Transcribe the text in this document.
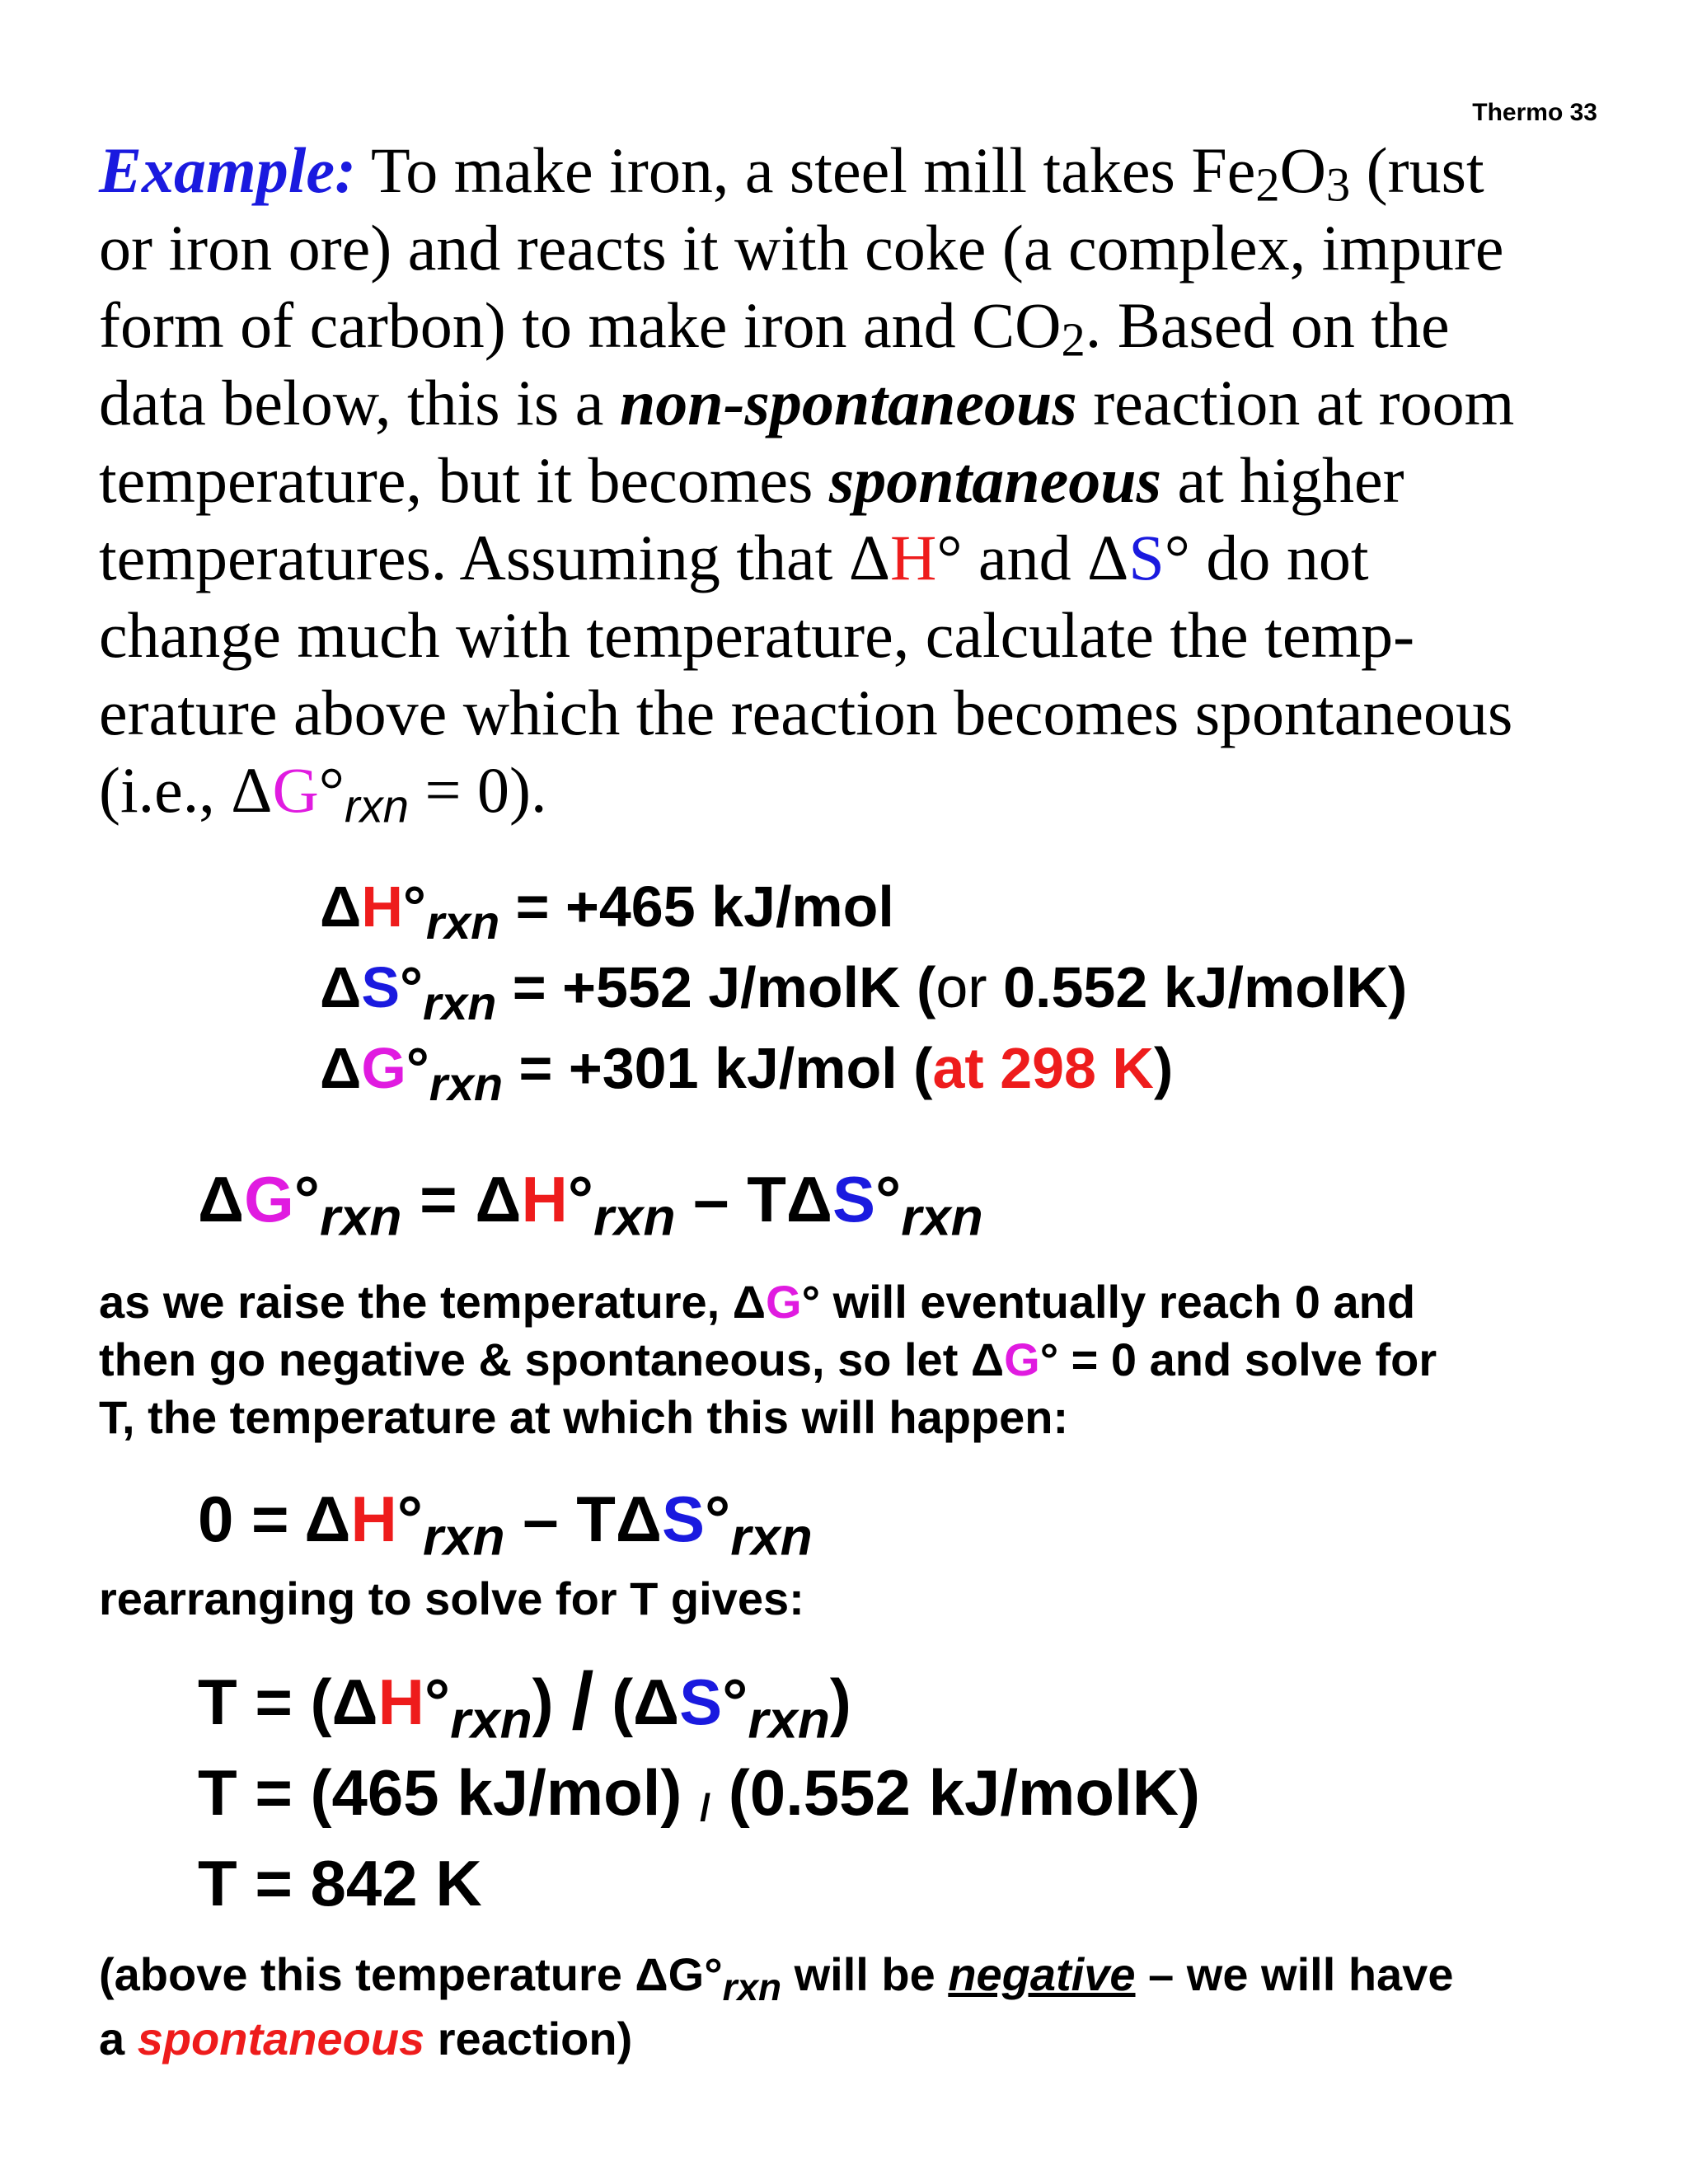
Thermo 33
Example: To make iron, a steel mill takes $Fe_2O_3$ (rust
or iron ore) and reacts it with coke (a complex, impure
form of carbon) to make iron and $CO_2$. Based on the
data below, this is a non-spontaneous reaction at room
temperature, but it becomes spontaneous at higher
temperatures. Assuming that ΔH° and ΔS° do not
change much with temperature, calculate the temp-
erature above which the reaction becomes spontaneous
(i.e., ΔG°rxn = 0).
$\Delta H^\circ_{rxn} = +465$ kJ/mol
$\Delta S^\circ_{rxn} = +552$ J/molK (or 0.552 kJ/molK)
$\Delta G^\circ_{rxn} = +301$ kJ/mol (at 298 K)
$\Delta G^\circ_{rxn} = \Delta H^\circ_{rxn} - T\Delta S^\circ_{rxn}$
as we raise the temperature, ΔG° will eventually reach 0 and
then go negative & spontaneous, so let ΔG° = 0 and solve for
T, the temperature at which this will happen:
$0 = \Delta H^\circ_{rxn} - T\Delta S^\circ_{rxn}$
rearranging to solve for T gives:
$T = (\Delta H^\circ_{rxn}) / (\Delta S^\circ_{rxn})$
T = (465 kJ/mol) / (0.552 kJ/molK)
T = 842 K
(above this temperature $\Delta G^\circ_{rxn}$ will be negative – we will have
a spontaneous reaction)
